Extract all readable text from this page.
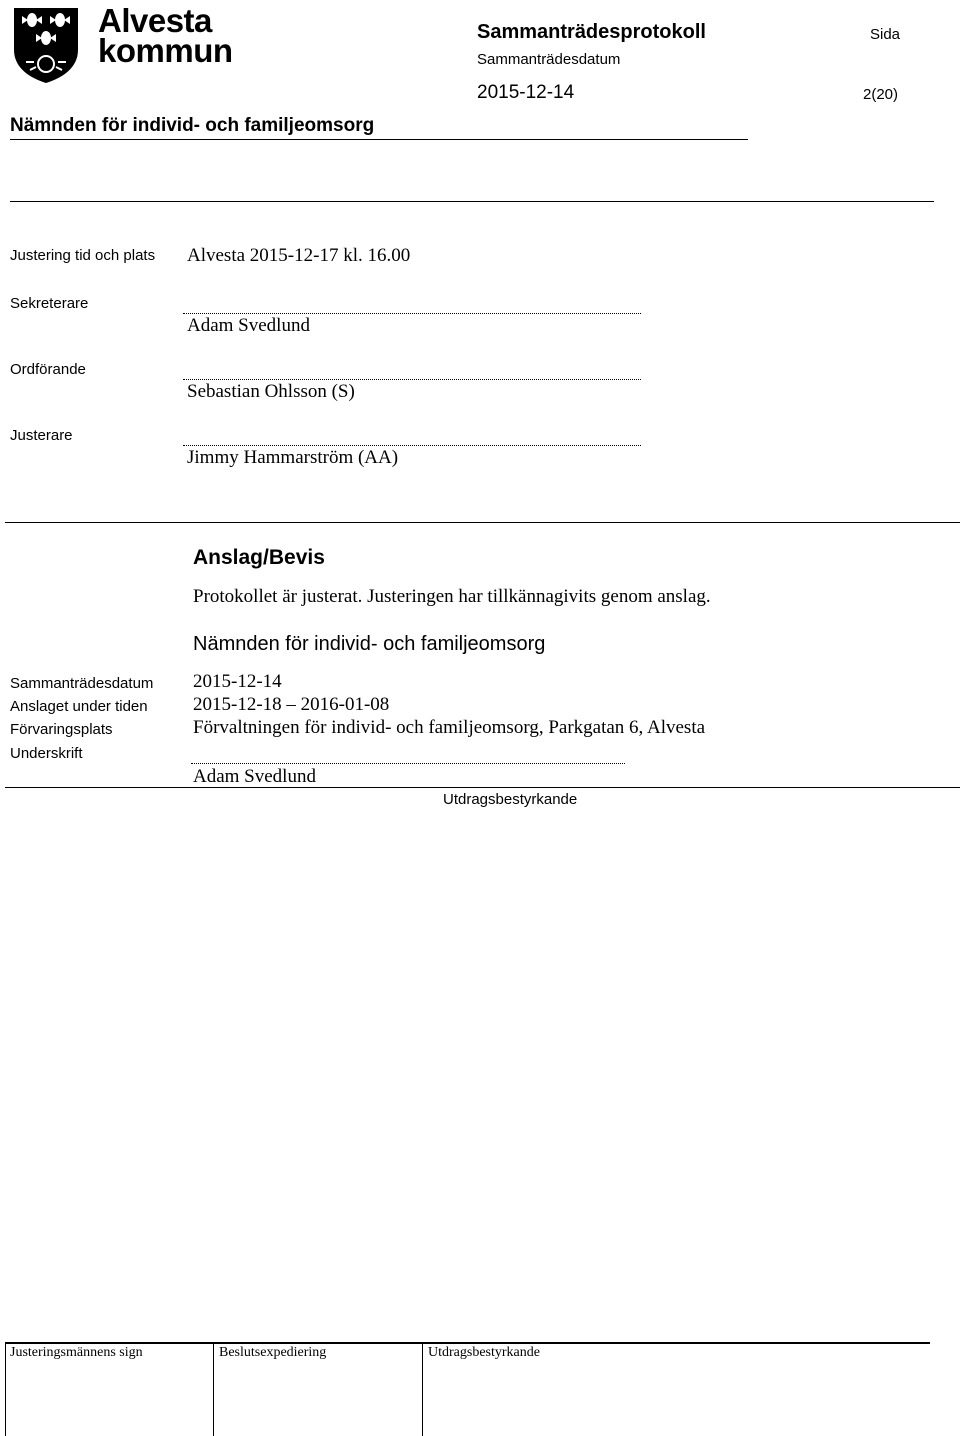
Alvesta
kommun	Sammanträdesprotokoll
Sammanträdesdatum
2015-12-14
Sida
2(20)
Nämnden för individ- och familjeomsorg
Justering tid och plats Alvesta 2015-12-17 kl. 16.00
Sekreterare
Adam Svedlund
Ordförande
Sebastian Ohlsson (S)
Justerare
Jimmy Hammarström (AA)
Anslag/Bevis
Protokollet är justerat. Justeringen har tillkännagivits genom anslag.
Nämnden för individ- och familjeomsorg
Sammanträdesdatum 2015-12-14
Anslaget under tiden 2015-12-18 – 2016-01-08
Förvaringsplats	Förvaltningen för individ- och familjeomsorg, Parkgatan 6, Alvesta
Underskrift
Adam Svedlund
Utdragsbestyrkande
Justeringsmännens sign	Beslutsexpediering	Utdragsbestyrkande
